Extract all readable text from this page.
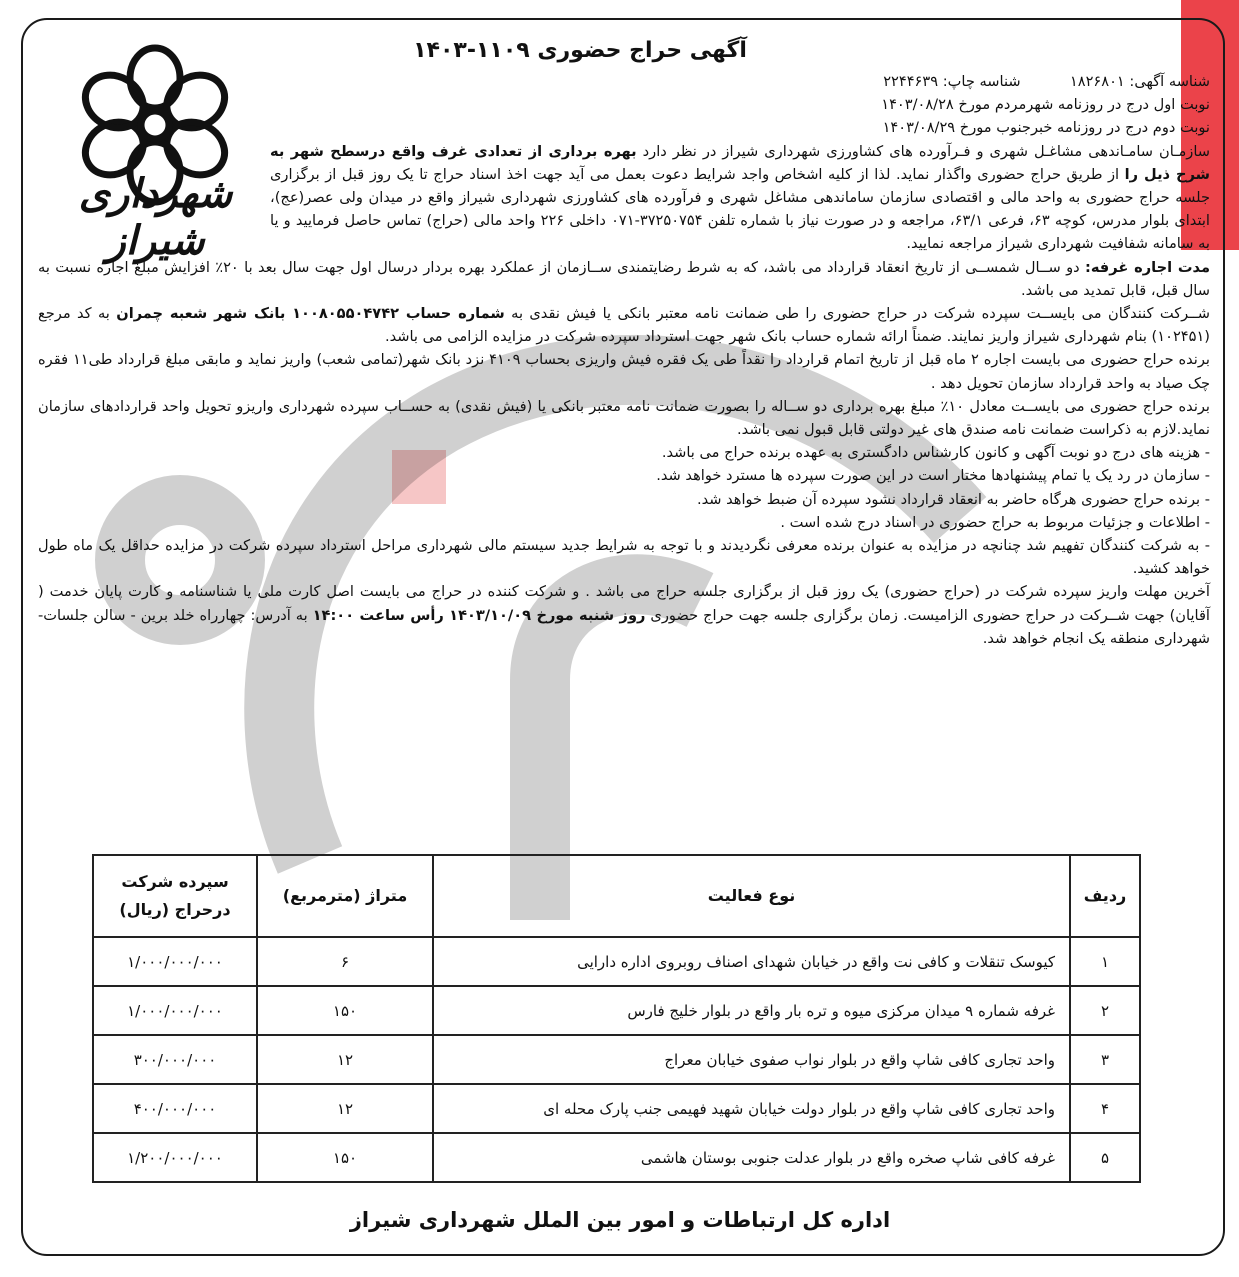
شهرداری شیراز
آگهی حراج حضوری ۱۱۰۹-۱۴۰۳

شناسه آگهی: ۱۸۲۶۸۰۱  شناسه چاپ: ۲۲۴۴۶۳۹

نوبت اول درج در روزنامه شهرمردم مورخ ۱۴۰۳/۰۸/۲۸

نوبت دوم درج در روزنامه خبرجنوب مورخ ۱۴۰۳/۰۸/۲۹

سازمـان سامـاندهی مشاغـل شهری و فـرآورده های کشاورزی شهرداری شیراز در نظر دارد بهره برداری از تعدادی غرف واقع درسطح شهر به شرح ذیل را از طریق حراج حضوری واگذار نماید. لذا از کلیه اشخاص واجد شرایط دعوت بعمل می آید جهت اخذ اسناد حراج تا یک روز قبل از برگزاری جلسه حراج حضوری به واحد مالی و اقتصادی سازمان ساماندهی مشاغل شهری و فرآورده های کشاورزی شهرداری شیراز واقع در میدان ولی عصر(عج)، ابتدای بلوار مدرس، کوچه ۶۳، فرعی ۶۳/۱، مراجعه و در صورت نیاز با شماره تلفن ۳۷۲۵۰۷۵۴-۰۷۱ داخلی ۲۲۶ واحد مالی (حراج) تماس حاصل فرمایید و یا به سامانه شفافیت شهرداری شیراز مراجعه نمایید.

مدت اجاره غرفه: دو ســال شمســی از تاریخ انعقاد قرارداد می باشد، که به شرط رضایتمندی ســازمان از عملکرد بهره بردار درسال اول جهت سال بعد با ۲۰٪ افزایش مبلغ اجاره نسبت به سال قبل، قابل تمدید می باشد.

شــرکت کنندگان می بایســت سپرده شرکت در حراج حضوری را طی ضمانت نامه معتبر بانکی یا فیش نقدی به شماره حساب ۱۰۰۸۰۵۵۰۴۷۴۲ بانک شهر شعبه چمران به کد مرجع (۱۰۲۴۵۱) بنام شهرداری شیراز واریز نمایند. ضمناً ارائه شماره حساب بانک شهر جهت استرداد سپرده شرکت در مزایده الزامی می باشد.

برنده حراج حضوری می بایست اجاره ۲ ماه قبل از تاریخ اتمام قرارداد را نقداً طی یک فقره فیش واریزی بحساب ۴۱۰۹ نزد بانک شهر(تمامی شعب) واریز نماید و مابقی مبلغ قرارداد طی۱۱ فقره چک صیاد به واحد قرارداد سازمان تحویل دهد .

برنده حراج حضوری می بایســت معادل ۱۰٪ مبلغ بهره برداری دو ســاله را بصورت ضمانت نامه معتبر بانکی یا (فیش نقدی) به حســاب سپرده شهرداری واریزو تحویل واحد قراردادهای سازمان نماید.لازم به ذکراست ضمانت نامه صندق های غیر دولتی قابل قبول نمی باشد.

- هزینه های درج دو نوبت آگهی و کانون کارشناس دادگستری به عهده برنده حراج می باشد.

- سازمان در رد یک یا تمام پیشنهادها مختار است در این صورت سپرده ها مسترد خواهد شد.

- برنده حراج حضوری هرگاه حاضر به انعقاد قرارداد نشود سپرده آن ضبط خواهد شد.

- اطلاعات و جزئیات مربوط به حراج حضوری در اسناد درج شده است .

- به شرکت کنندگان تفهیم شد چنانچه در مزایده به عنوان برنده معرفی نگردیدند و با توجه به شرایط جدید سیستم مالی شهرداری مراحل استرداد سپرده شرکت در مزایده حداقل یک ماه طول خواهد کشید.

آخرین مهلت واریز سپرده شرکت در (حراج حضوری) یک روز قبل از برگزاری جلسه حراج می باشد . و شرکت کننده در حراج می بایست اصل کارت ملی یا شناسنامه و کارت پایان خدمت ( آقایان) جهت شــرکت در حراج حضوری الزامیست. زمان برگزاری جلسه جهت حراج حضوری روز شنبه مورخ ۱۴۰۳/۱۰/۰۹ رأس ساعت ۱۴:۰۰ به آدرس: چهارراه خلد برین - سالن جلسات- شهرداری منطقه یک انجام خواهد شد.

ردیف	نوع فعالیت	متراژ (مترمربع)	سپرده شرکت درحراج (ریال)
۱	کیوسک تنقلات و کافی نت واقع در خیابان شهدای اصناف روبروی اداره دارایی	۶	۱/۰۰۰/۰۰۰/۰۰۰
۲	غرفه شماره ۹ میدان مرکزی میوه و تره بار واقع در بلوار خلیج فارس	۱۵۰	۱/۰۰۰/۰۰۰/۰۰۰
۳	واحد تجاری کافی شاپ واقع در بلوار نواب صفوی خیابان معراج	۱۲	۳۰۰/۰۰۰/۰۰۰
۴	واحد تجاری کافی شاپ واقع در بلوار دولت خیابان شهید فهیمی جنب پارک محله ای	۱۲	۴۰۰/۰۰۰/۰۰۰
۵	غرفه کافی شاپ صخره واقع در بلوار عدلت جنوبی بوستان هاشمی	۱۵۰	۱/۲۰۰/۰۰۰/۰۰۰
اداره کل ارتباطات و امور بین الملل شهرداری شیراز
